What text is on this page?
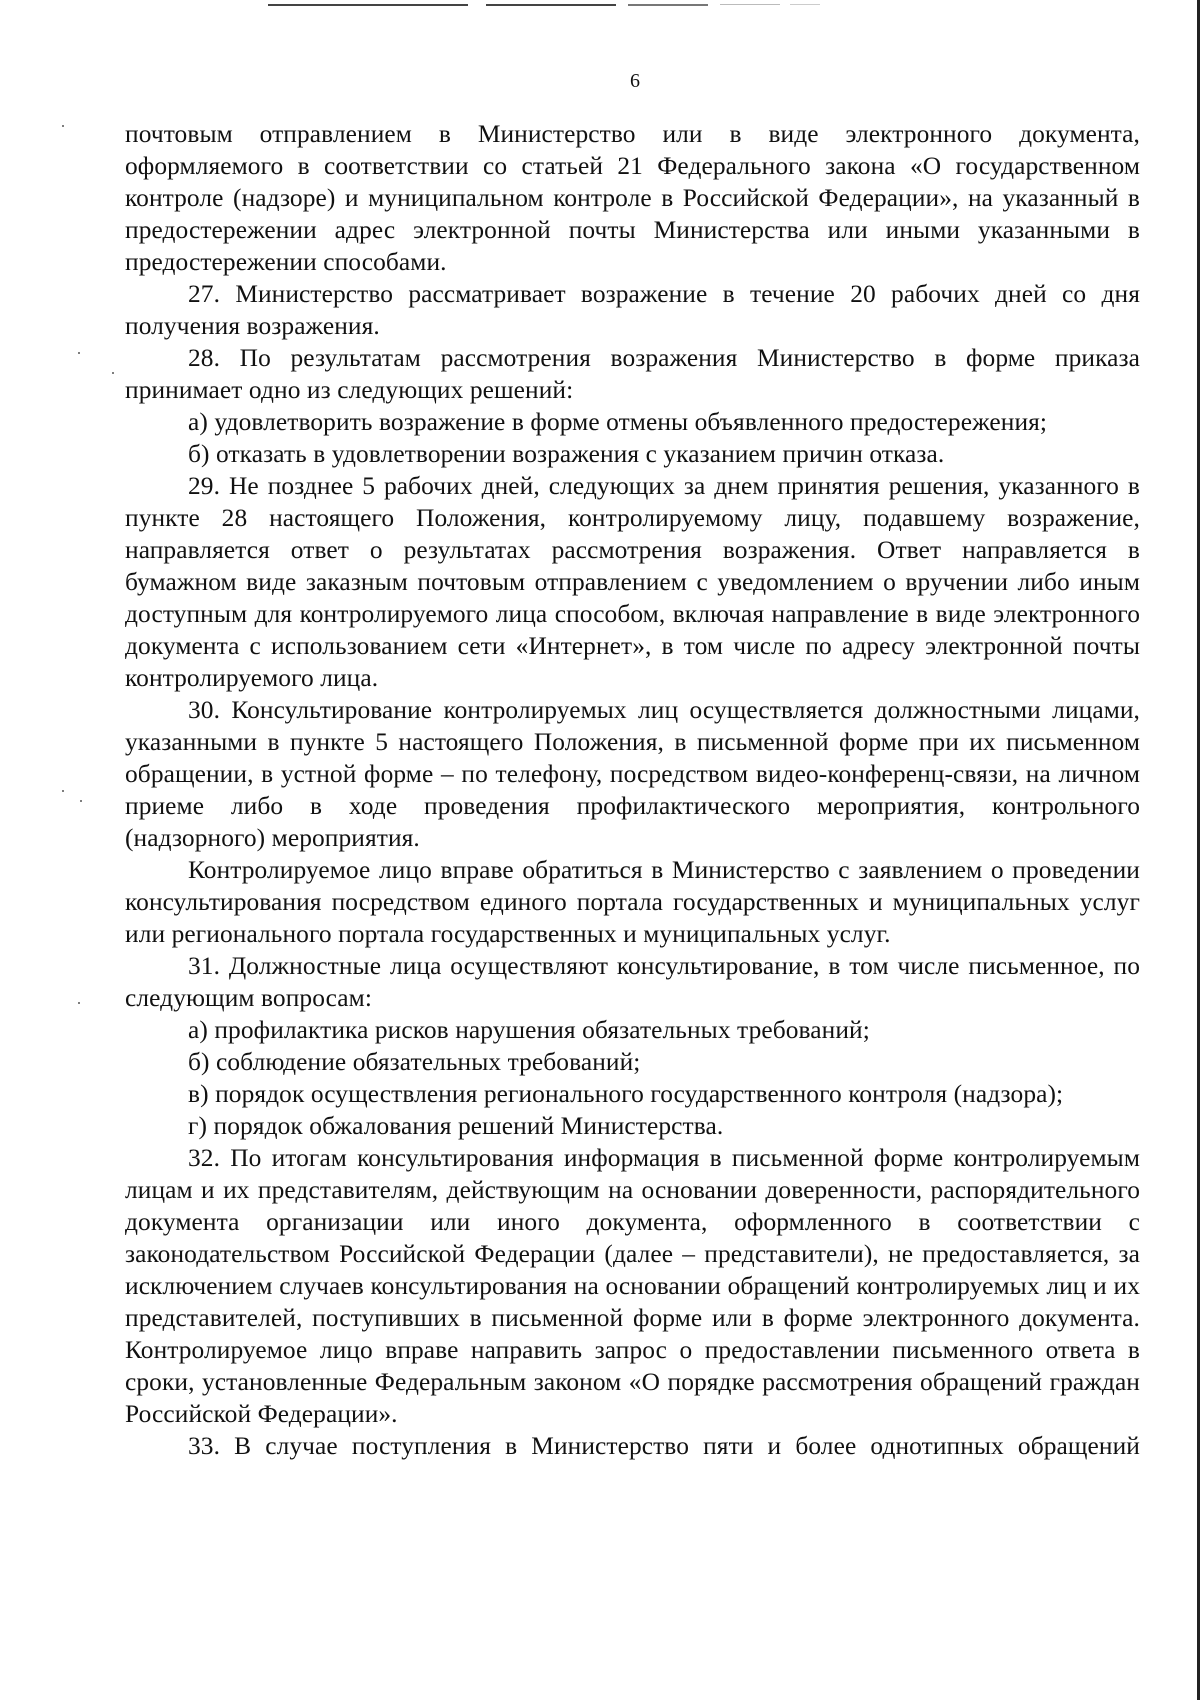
6

почтовым отправлением в Министерство или в виде электронного документа, оформляемого в соответствии со статьей 21 Федерального закона «О государственном контроле (надзоре) и муниципальном контроле в Российской Федерации», на указанный в предостережении адрес электронной почты Министерства или иными указанными в предостережении способами.

27. Министерство рассматривает возражение в течение 20 рабочих дней со дня получения возражения.

28. По результатам рассмотрения возражения Министерство в форме приказа принимает одно из следующих решений:

а) удовлетворить возражение в форме отмены объявленного предостережения;

б) отказать в удовлетворении возражения с указанием причин отказа.

29. Не позднее 5 рабочих дней, следующих за днем принятия решения, указанного в пункте 28 настоящего Положения, контролируемому лицу, подавшему возражение, направляется ответ о результатах рассмотрения возражения. Ответ направляется в бумажном виде заказным почтовым отправлением с уведомлением о вручении либо иным доступным для контролируемого лица способом, включая направление в виде электронного документа с использованием сети «Интернет», в том числе по адресу электронной почты контролируемого лица.

30. Консультирование контролируемых лиц осуществляется должностными лицами, указанными в пункте 5 настоящего Положения, в письменной форме при их письменном обращении, в устной форме – по телефону, посредством видео-конференц-связи, на личном приеме либо в ходе проведения профилактического мероприятия, контрольного (надзорного) мероприятия.

Контролируемое лицо вправе обратиться в Министерство с заявлением о проведении консультирования посредством единого портала государственных и муниципальных услуг или регионального портала государственных и муниципальных услуг.

31. Должностные лица осуществляют консультирование, в том числе письменное, по следующим вопросам:

а) профилактика рисков нарушения обязательных требований;

б) соблюдение обязательных требований;

в) порядок осуществления регионального государственного контроля (надзора);

г) порядок обжалования решений Министерства.

32. По итогам консультирования информация в письменной форме контролируемым лицам и их представителям, действующим на основании доверенности, распорядительного документа организации или иного документа, оформленного в соответствии с законодательством Российской Федерации (далее – представители), не предоставляется, за исключением случаев консультирования на основании обращений контролируемых лиц и их представителей, поступивших в письменной форме или в форме электронного документа. Контролируемое лицо вправе направить запрос о предоставлении письменного ответа в сроки, установленные Федеральным законом «О порядке рассмотрения обращений граждан Российской Федерации».

33. В случае поступления в Министерство пяти и более однотипных обращений
